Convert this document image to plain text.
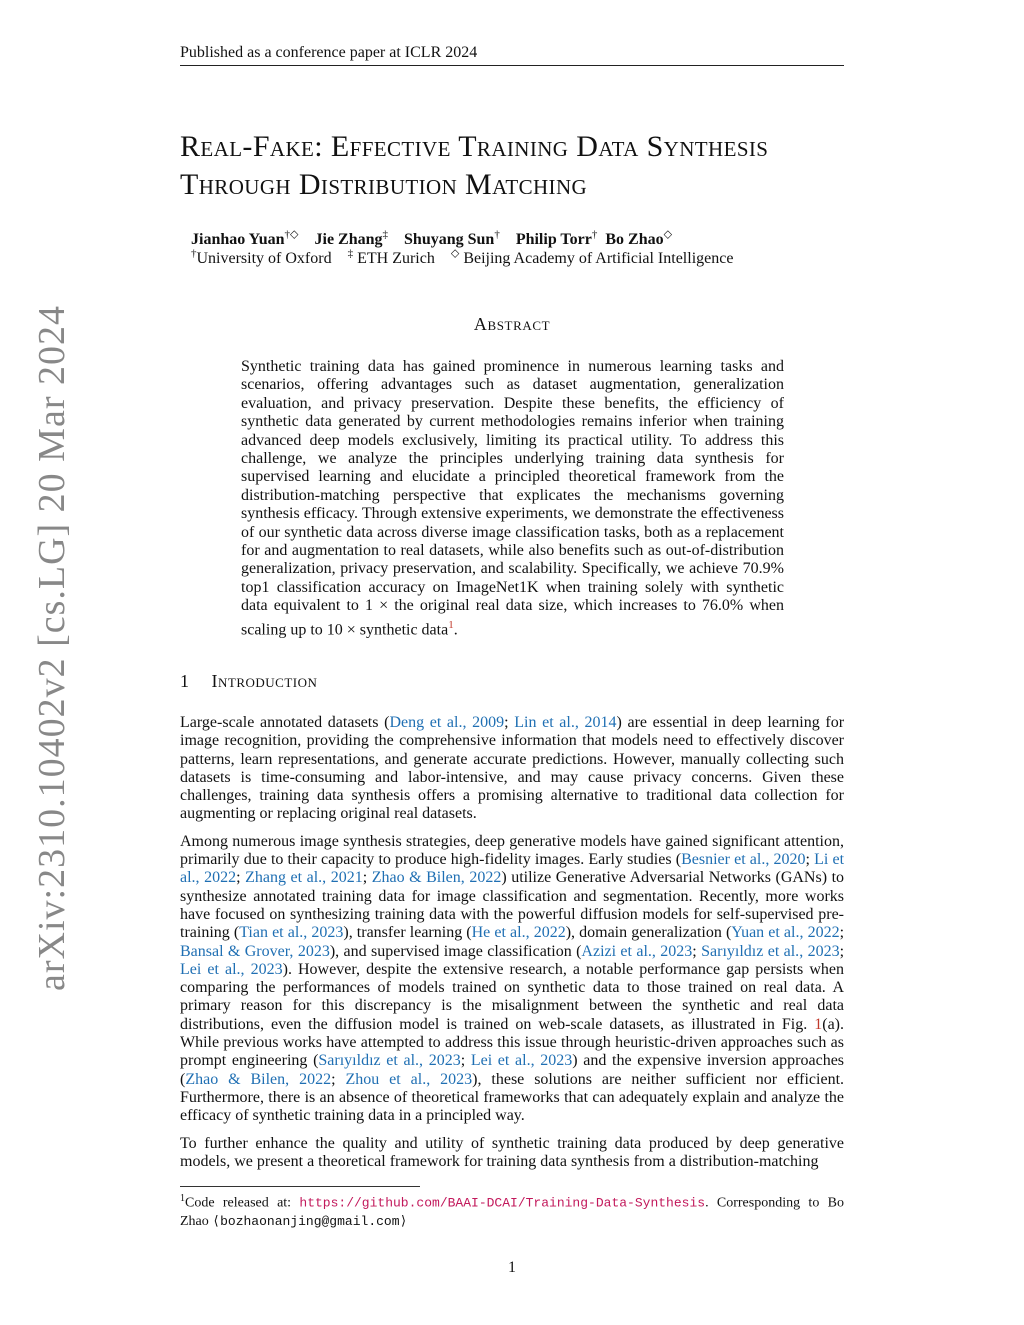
arXiv:2310.10402v2 [cs.LG] 20 Mar 2024
Published as a conference paper at ICLR 2024
Real-Fake: Effective Training Data Synthesis
Through Distribution Matching
Jianhao Yuan†◇ Jie Zhang‡ Shuyang Sun† Philip Torr† Bo Zhao◇
†University of Oxford ‡ ETH Zurich ◇ Beijing Academy of Artificial Intelligence
Abstract
Synthetic training data has gained prominence in numerous learning tasks and scenarios, offering advantages such as dataset augmentation, generalization evaluation, and privacy preservation. Despite these benefits, the efficiency of synthetic data generated by current methodologies remains inferior when training advanced deep models exclusively, limiting its practical utility. To address this challenge, we analyze the principles underlying training data synthesis for supervised learning and elucidate a principled theoretical framework from the distribution-matching perspective that explicates the mechanisms governing synthesis efficacy. Through extensive experiments, we demonstrate the effectiveness of our synthetic data across diverse image classification tasks, both as a replacement for and augmentation to real datasets, while also benefits such as out-of-distribution generalization, privacy preservation, and scalability. Specifically, we achieve 70.9% top1 classification accuracy on ImageNet1K when training solely with synthetic data equivalent to 1 × the original real data size, which increases to 76.0% when scaling up to 10 × synthetic data$^1$.
1 Introduction

Large-scale annotated datasets (Deng et al., 2009; Lin et al., 2014) are essential in deep learning for image recognition, providing the comprehensive information that models need to effectively discover patterns, learn representations, and generate accurate predictions. However, manually collecting such datasets is time-consuming and labor-intensive, and may cause privacy concerns. Given these challenges, training data synthesis offers a promising alternative to traditional data collection for augmenting or replacing original real datasets.

Among numerous image synthesis strategies, deep generative models have gained significant attention, primarily due to their capacity to produce high-fidelity images. Early studies (Besnier et al., 2020; Li et al., 2022; Zhang et al., 2021; Zhao & Bilen, 2022) utilize Generative Adversarial Networks (GANs) to synthesize annotated training data for image classification and segmentation. Recently, more works have focused on synthesizing training data with the powerful diffusion models for self-supervised pre-training (Tian et al., 2023), transfer learning (He et al., 2022), domain generalization (Yuan et al., 2022; Bansal & Grover, 2023), and supervised image classification (Azizi et al., 2023; Sarıyıldız et al., 2023; Lei et al., 2023). However, despite the extensive research, a notable performance gap persists when comparing the performances of models trained on synthetic data to those trained on real data. A primary reason for this discrepancy is the misalignment between the synthetic and real data distributions, even the diffusion model is trained on web-scale datasets, as illustrated in Fig. 1(a). While previous works have attempted to address this issue through heuristic-driven approaches such as prompt engineering (Sarıyıldız et al., 2023; Lei et al., 2023) and the expensive inversion approaches (Zhao & Bilen, 2022; Zhou et al., 2023), these solutions are neither sufficient nor efficient. Furthermore, there is an absence of theoretical frameworks that can adequately explain and analyze the efficacy of synthetic training data in a principled way.

To further enhance the quality and utility of synthetic training data produced by deep generative models, we present a theoretical framework for training data synthesis from a distribution-matching

$^1$Code released at: https://github.com/BAAI-DCAI/Training-Data-Synthesis. Corresponding to Bo Zhao ⟨bozhaonanjing@gmail.com⟩
1
